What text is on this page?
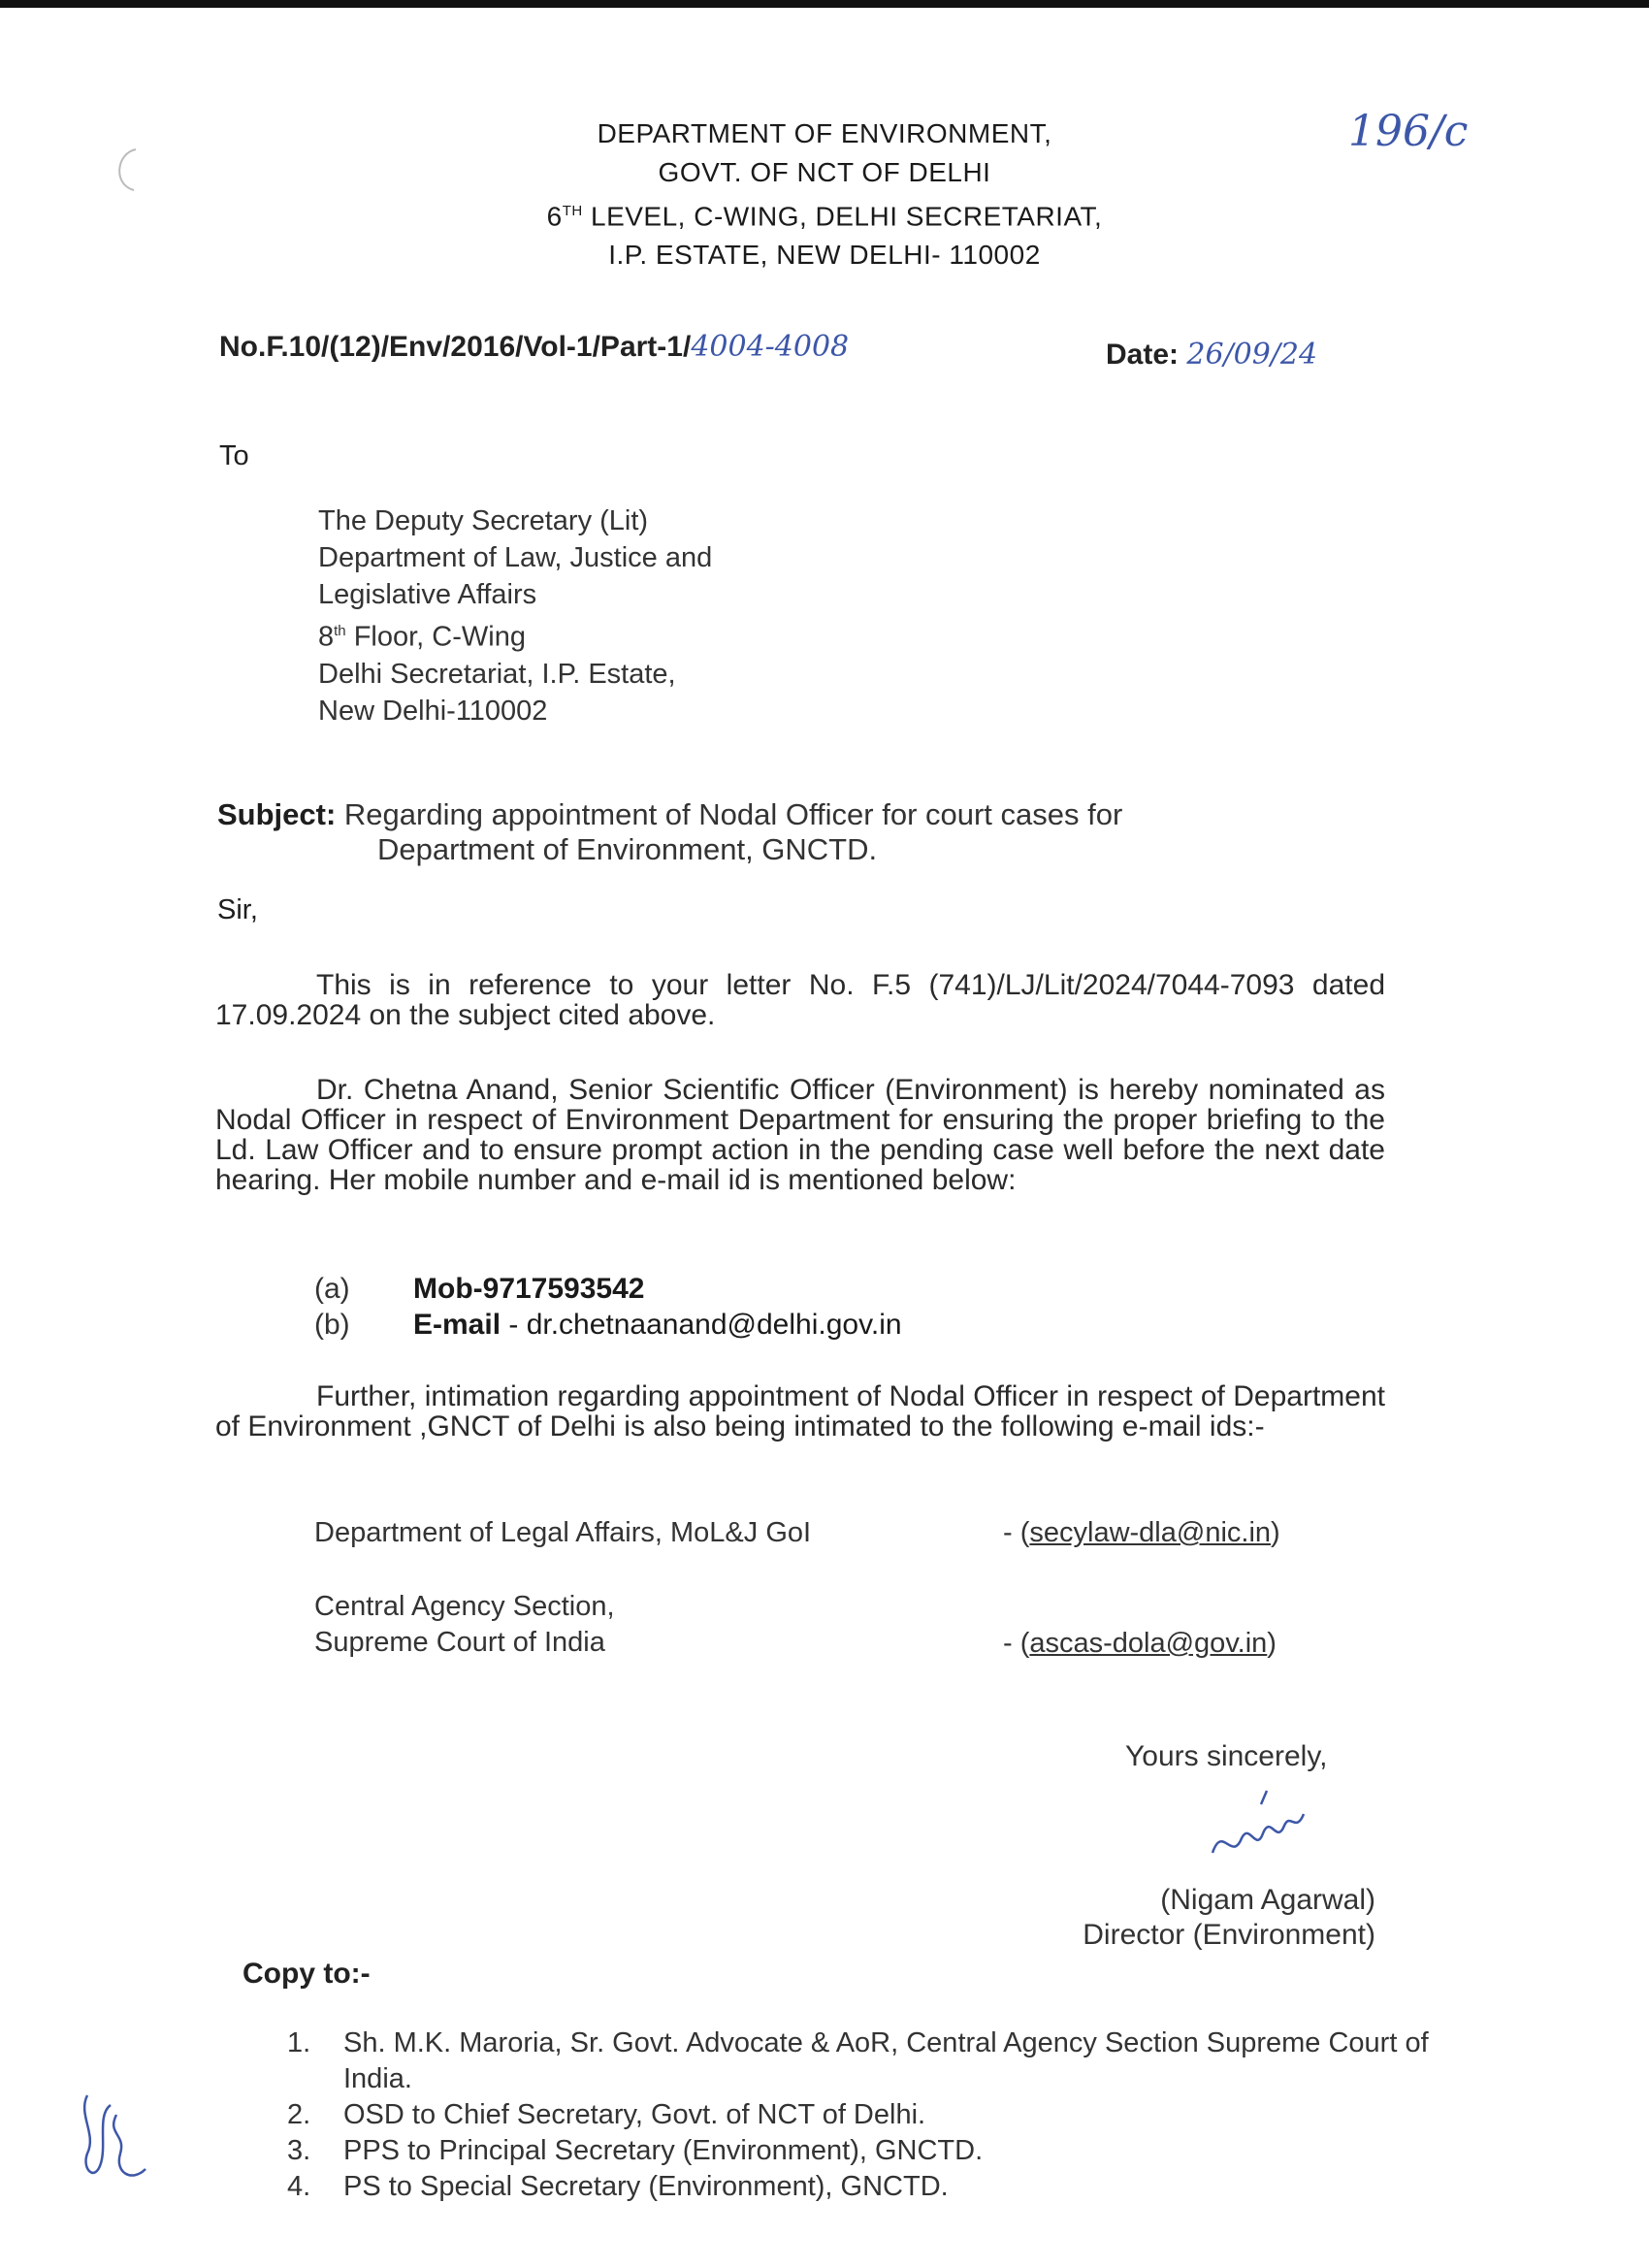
DEPARTMENT OF ENVIRONMENT,
GOVT. OF NCT OF DELHI
6TH LEVEL, C-WING, DELHI SECRETARIAT,
I.P. ESTATE, NEW DELHI- 110002
196/c
No.F.10/(12)/Env/2016/Vol-1/Part-1/4004-4008	Date: 26/09/24
To
The Deputy Secretary (Lit)
Department of Law, Justice and
Legislative Affairs
8th Floor, C-Wing
Delhi Secretariat, I.P. Estate,
New Delhi-110002
Subject: Regarding appointment of Nodal Officer for court cases for
Department of Environment, GNCTD.
Sir,
This is in reference to your letter No. F.5 (741)/LJ/Lit/2024/7044-7093 dated 17.09.2024 on the subject cited above.
Dr. Chetna Anand, Senior Scientific Officer (Environment) is hereby nominated as Nodal Officer in respect of Environment Department for ensuring the proper briefing to the Ld. Law Officer and to ensure prompt action in the pending case well before the next date hearing. Her mobile number and e-mail id is mentioned below:
(a) Mob-9717593542
(b) E-mail - dr.chetnaanand@delhi.gov.in
Further, intimation regarding appointment of Nodal Officer in respect of Department of Environment ,GNCT of Delhi is also being intimated to the following e-mail ids:-
Department of Legal Affairs, MoL&J GoI	- (secylaw-dla@nic.in)
Central Agency Section,
Supreme Court of India	- (ascas-dola@gov.in)
Yours sincerely,
(Nigam Agarwal)
Director (Environment)
Copy to:-
1. Sh. M.K. Maroria, Sr. Govt. Advocate & AoR, Central Agency Section Supreme Court of India.
2. OSD to Chief Secretary, Govt. of NCT of Delhi.
3. PPS to Principal Secretary (Environment), GNCTD.
4. PS to Special Secretary (Environment), GNCTD.
